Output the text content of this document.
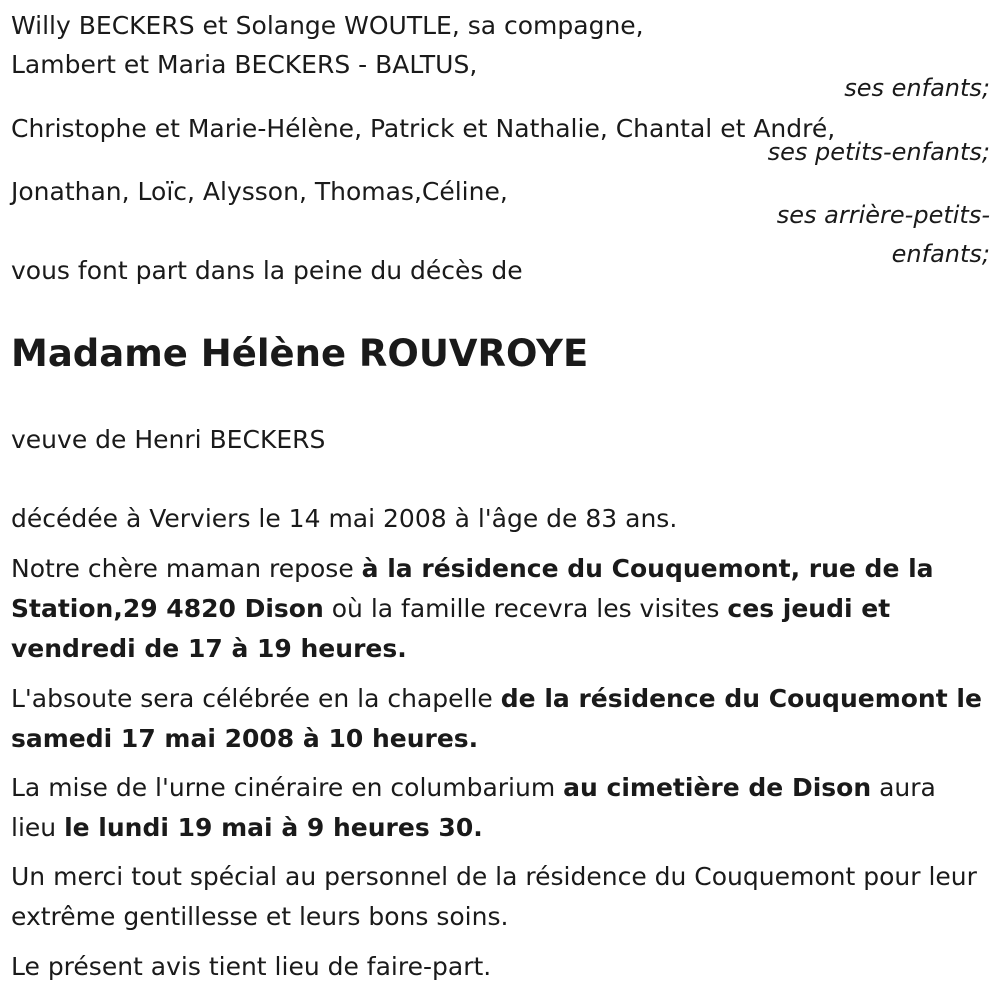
Willy BECKERS et Solange WOUTLE, sa compagne,
Lambert et Maria BECKERS - BALTUS,
ses enfants;
Christophe et Marie-Hélène, Patrick et Nathalie, Chantal et André,
ses petits-enfants;
Jonathan, Loïc, Alysson, Thomas,Céline,
ses arrière-petits-
enfants;
vous font part dans la peine du décès de
Madame Hélène ROUVROYE
veuve de Henri BECKERS
décédée à Verviers le 14 mai 2008 à l'âge de 83 ans.
Notre chère maman repose à la résidence du Couquemont, rue de la Station,29 4820 Dison où la famille recevra les visites ces jeudi et vendredi de 17 à 19 heures.
L'absoute sera célébrée en la chapelle de la résidence du Couquemont le samedi 17 mai 2008 à 10 heures.
La mise de l'urne cinéraire en columbarium au cimetière de Dison aura lieu le lundi 19 mai à 9 heures 30.
Un merci tout spécial au personnel de la résidence du Couquemont pour leur extrême gentillesse et leurs bons soins.
Le présent avis tient lieu de faire-part.
